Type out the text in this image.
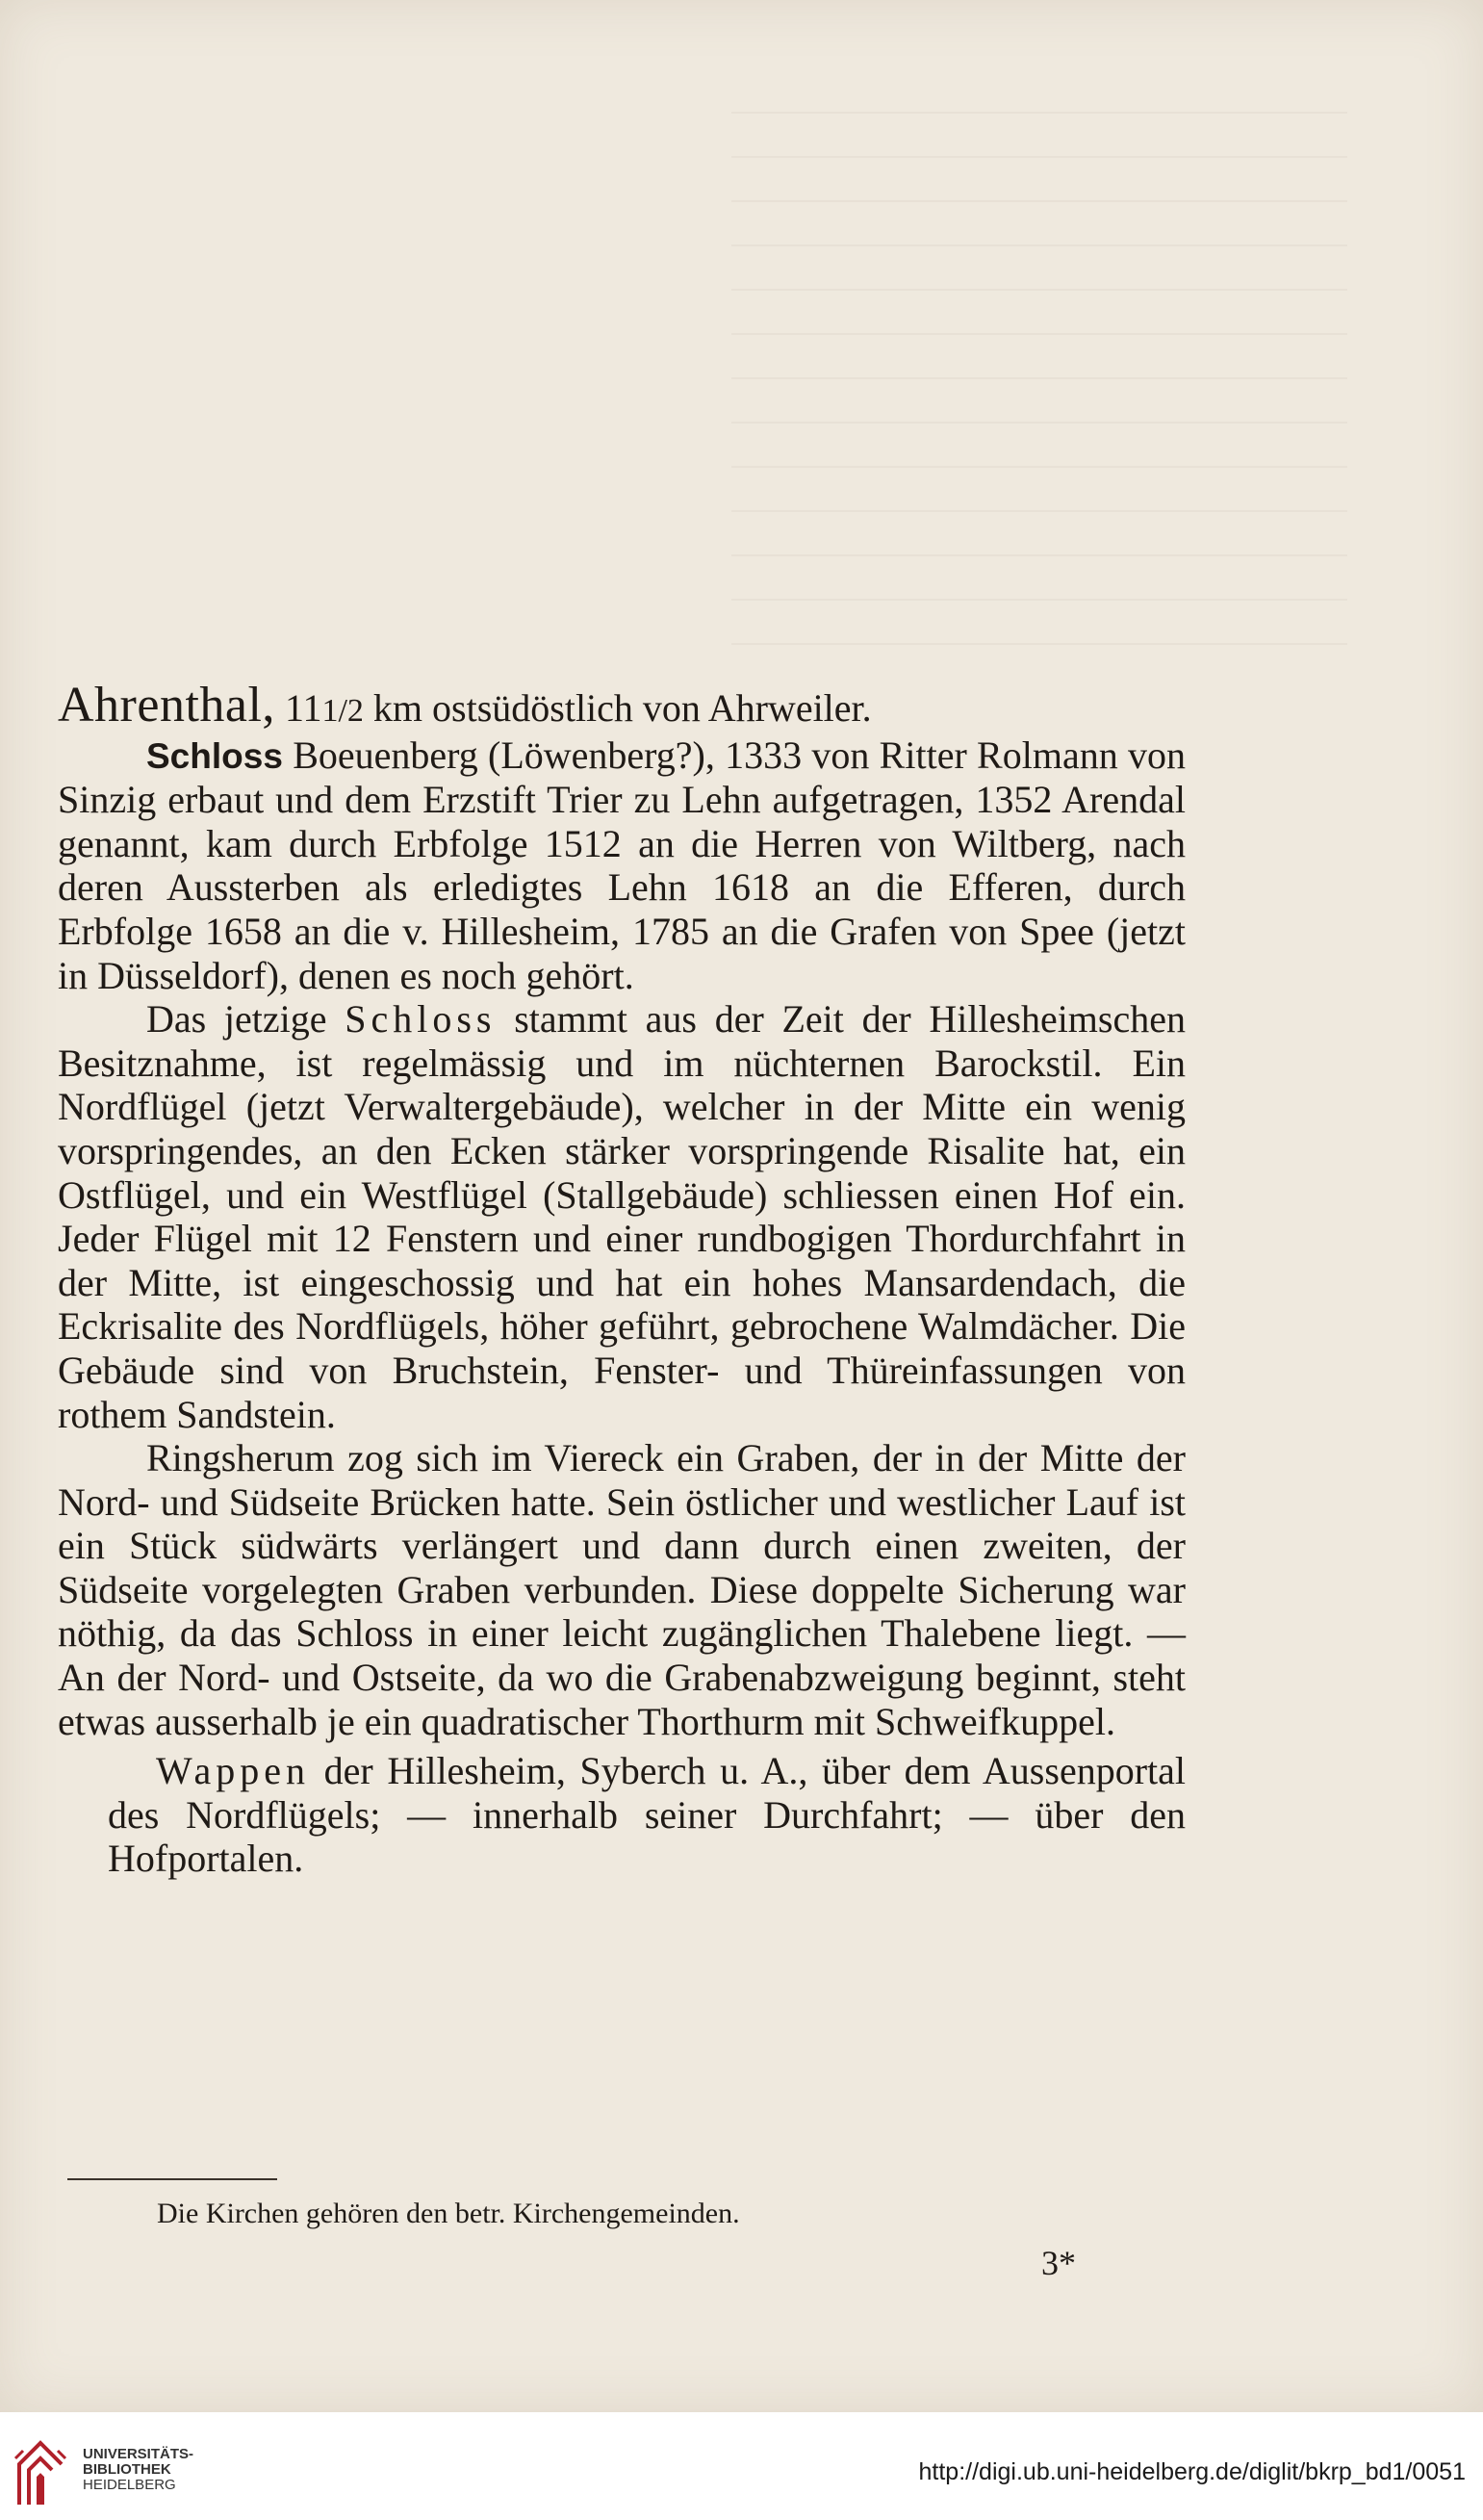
Ahrenthal, 111/2 km ostsüdöstlich von Ahrweiler.

Schloss Boeuenberg (Löwenberg?), 1333 von Ritter Rolmann von Sinzig erbaut und dem Erzstift Trier zu Lehn aufgetragen, 1352 Arendal genannt, kam durch Erbfolge 1512 an die Herren von Wiltberg, nach deren Aussterben als erledigtes Lehn 1618 an die Efferen, durch Erbfolge 1658 an die v. Hillesheim, 1785 an die Grafen von Spee (jetzt in Düsseldorf), denen es noch gehört.

Das jetzige Schloss stammt aus der Zeit der Hillesheimschen Besitznahme, ist regelmässig und im nüchternen Barockstil. Ein Nordflügel (jetzt Verwaltergebäude), welcher in der Mitte ein wenig vorspringendes, an den Ecken stärker vorspringende Risalite hat, ein Ostflügel, und ein Westflügel (Stallgebäude) schliessen einen Hof ein. Jeder Flügel mit 12 Fenstern und einer rundbogigen Thordurchfahrt in der Mitte, ist eingeschossig und hat ein hohes Mansardendach, die Eckrisalite des Nordflügels, höher geführt, gebrochene Walmdächer. Die Gebäude sind von Bruchstein, Fenster- und Thüreinfassungen von rothem Sandstein.

Ringsherum zog sich im Viereck ein Graben, der in der Mitte der Nord- und Südseite Brücken hatte. Sein östlicher und westlicher Lauf ist ein Stück südwärts verlängert und dann durch einen zweiten, der Südseite vorgelegten Graben verbunden. Diese doppelte Sicherung war nöthig, da das Schloss in einer leicht zugänglichen Thalebene liegt. — An der Nord- und Ostseite, da wo die Grabenabzweigung beginnt, steht etwas ausserhalb je ein quadratischer Thorthurm mit Schweifkuppel.

Wappen der Hillesheim, Syberch u. A., über dem Aussenportal des Nordflügels; — innerhalb seiner Durchfahrt; — über den Hofportalen.

Die Kirchen gehören den betr. Kirchengemeinden.

3*

UNIVERSITÄTS-
BIBLIOTHEK
HEIDELBERG	http://digi.ub.uni-heidelberg.de/diglit/bkrp_bd1/0051
